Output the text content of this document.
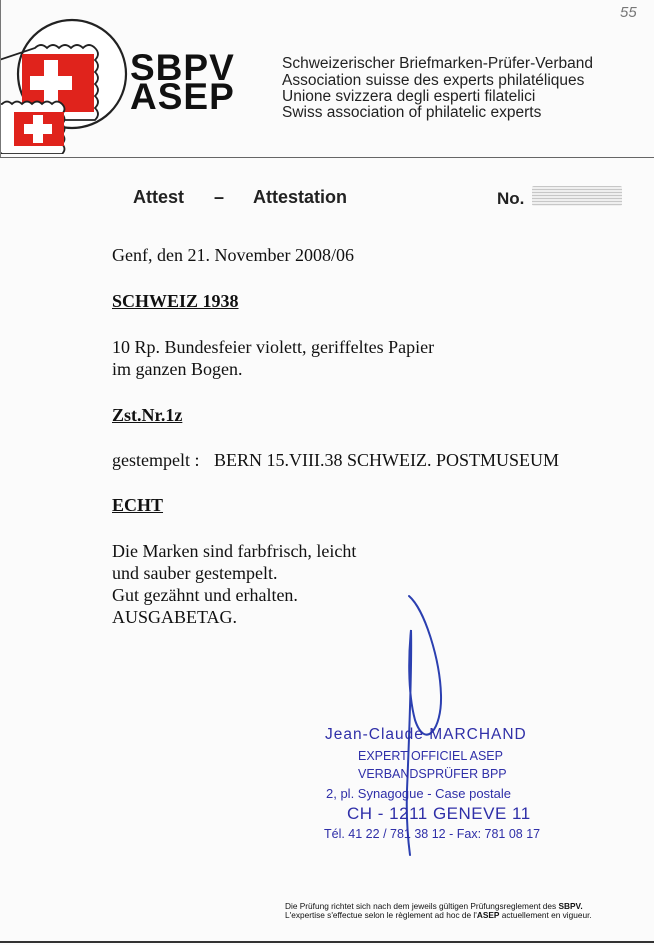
SBPV
ASEP
Schweizerischer Briefmarken-Prüfer-Verband
Association suisse des experts philatéliques
Unione svizzera degli esperti filatelici
Swiss association of philatelic experts
55
Attest – Attestation	No.
Genf, den 21. November 2008/06
SCHWEIZ 1938
10 Rp. Bundesfeier violett, geriffeltes Papier
im ganzen Bogen.
Zst.Nr.1z
gestempelt : BERN 15.VIII.38 SCHWEIZ. POSTMUSEUM
ECHT
Die Marken sind farbfrisch, leicht
und sauber gestempelt.
Gut gezähnt und erhalten.
AUSGABETAG.
Jean-Claude MARCHAND
EXPERT OFFICIEL ASEP
VERBANDSPRÜFER BPP
2, pl. Synagogue - Case postale
CH - 1211 GENEVE 11
Tél. 41 22 / 781 38 12 - Fax: 781 08 17
Die Prüfung richtet sich nach dem jeweils gültigen Prüfungsreglement des SBPV.
L'expertise s'effectue selon le règlement ad hoc de l'ASEP actuellement en vigueur.
